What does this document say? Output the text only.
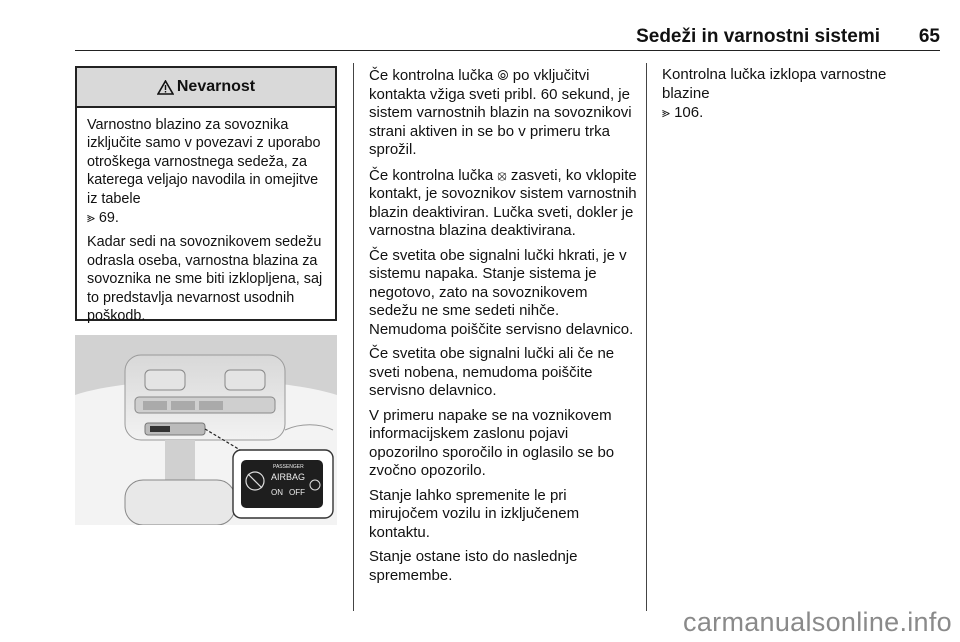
Sedeži in varnostni sistemi 65
Nevarnost

Varnostno blazino za sovoznika izključite samo v povezavi z uporabo otroškega varnostnega sedeža, za katerega veljajo navodila in omejitve iz tabele
⪢ 69.

Kadar sedi na sovoznikovem sedežu odrasla oseba, varnostna blazina za sovoznika ne sme biti izklopljena, saj to predstavlja nevarnost usodnih poškodb.

PASSENGER
AIRBAG
ON OFF

Če kontrolna lučka ⦾ po vključitvi kontakta vžiga sveti pribl. 60 sekund, je sistem varnostnih blazin na sovoznikovi strani aktiven in se bo v primeru trka sprožil.

Če kontrolna lučka ⦻ zasveti, ko vklopite kontakt, je sovoznikov sistem varnostnih blazin deaktiviran. Lučka sveti, dokler je varnostna blazina deaktivirana.

Če svetita obe signalni lučki hkrati, je v sistemu napaka. Stanje sistema je negotovo, zato na sovoznikovem sedežu ne sme sedeti nihče. Nemudoma poiščite servisno delavnico.

Če svetita obe signalni lučki ali če ne sveti nobena, nemudoma poiščite servisno delavnico.

V primeru napake se na voznikovem informacijskem zaslonu pojavi opozorilno sporočilo in oglasilo se bo zvočno opozorilo.

Stanje lahko spremenite le pri mirujočem vozilu in izključenem kontaktu.

Stanje ostane isto do naslednje spremembe.

Kontrolna lučka izklopa varnostne blazine
⪢ 106.

carmanualsonline.info
